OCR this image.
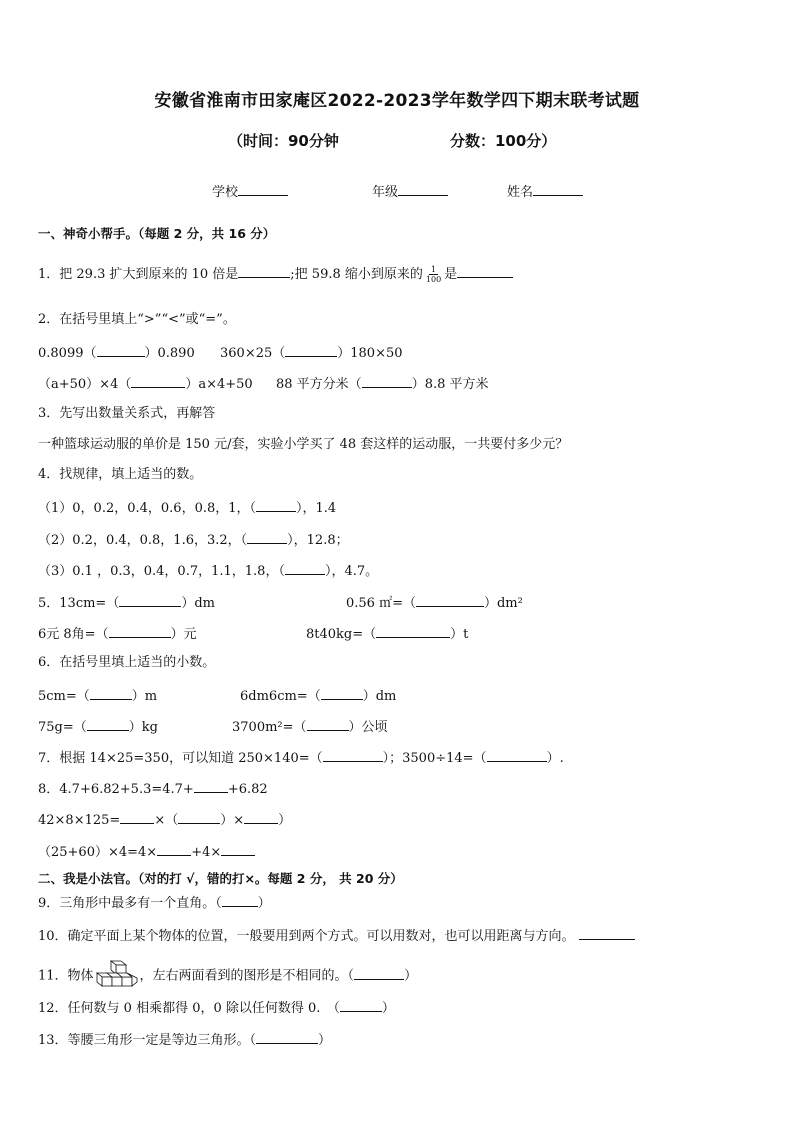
安徽省淮南市田家庵区2022-2023学年数学四下期末联考试题
（时间：90分钟	分数：100分）
学校	年级	姓名
一、神奇小帮手。（每题 2 分，共 16 分）
1．把 29.3 扩大到原来的 10 倍是	;把 59.8 缩小到原来的 $\frac{1}{100}$ 是
2．在括号里填上“>”“<”或“=”。
0.8099（	）0.890 360×25（	）180×50
（a+50）×4（	）a×4+50 88 平方分米（	）8.8 平方米
3．先写出数量关系式，再解答
一种篮球运动服的单价是 150 元/套，实验小学买了 48 套这样的运动服，一共要付多少元？
4．找规律，填上适当的数。
（1）0，0.2，0.4，0.6，0.8，1，（	），1.4
（2）0.2，0.4，0.8，1.6，3.2，（	），12.8；
（3）0.1 ，0.3，0.4，0.7，1.1，1.8，（	），4.7。
5．13cm=（	）dm	0.56 ㎡=（	）dm²
6元 8角=（	）元	8t40kg=（	）t
6．在括号里填上适当的小数。
5cm=（	）m	6dm6cm=（	）dm
75g=（	）kg	3700m²=（	）公顷
7．根据 14×25=350，可以知道 250×140=（	）；3500÷14=（	）.
8．4.7+6.82+5.3=4.7+	+6.82
42×8×125=	×（	）×	）
（25+60）×4=4×	+4×
二、我是小法官。（对的打 √，错的打×。每题 2 分， 共 20 分）
9．三角形中最多有一个直角。（	）
10．确定平面上某个物体的位置，一般要用到两个方式。可以用数对，也可以用距离与方向。
11．物体	，左右两面看到的图形是不相同的。（	）
12．任何数与 0 相乘都得 0，0 除以任何数得 0.　（	）
13．等腰三角形一定是等边三角形。（	）
